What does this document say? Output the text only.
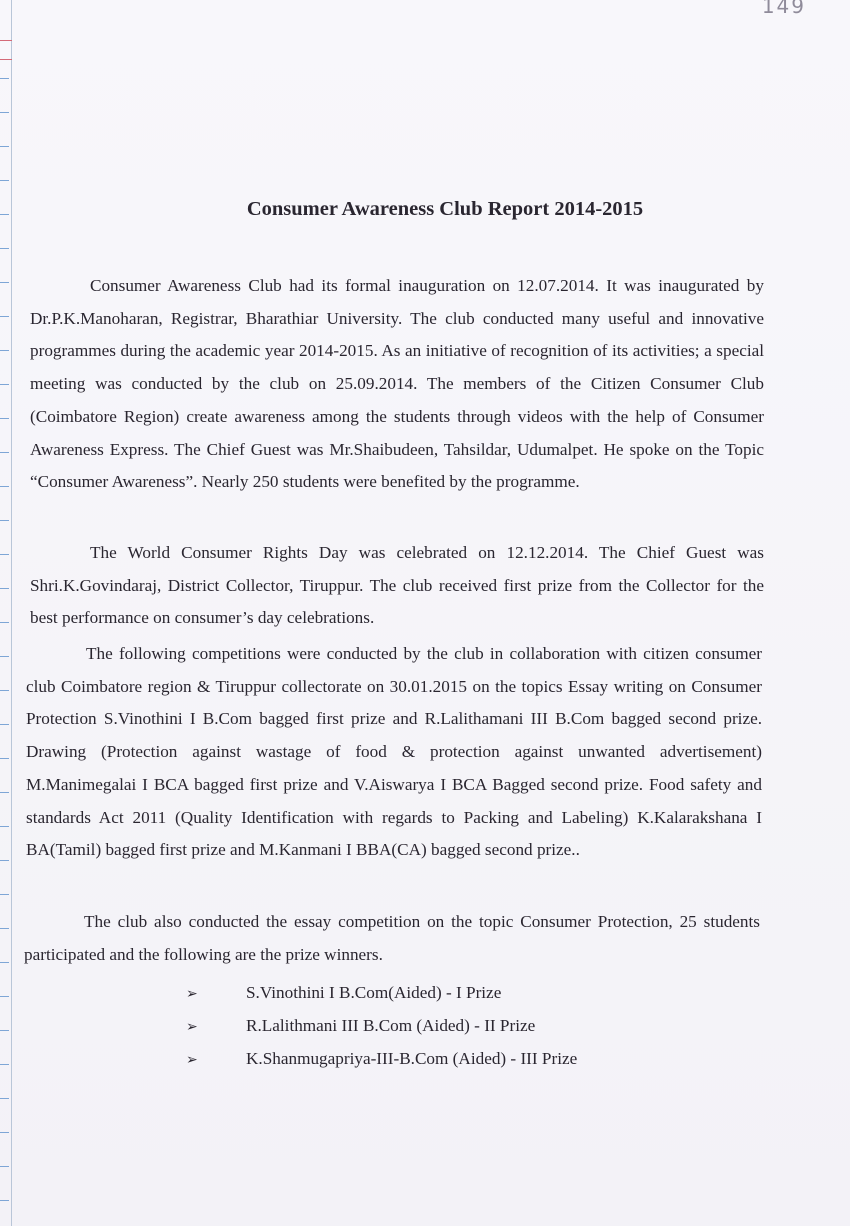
149
Consumer Awareness Club Report 2014-2015

Consumer Awareness Club had its formal inauguration on 12.07.2014. It was inaugurated by Dr.P.K.Manoharan, Registrar, Bharathiar University. The club conducted many useful and innovative programmes during the academic year 2014-2015. As an initiative of recognition of its activities; a special meeting was conducted by the club on 25.09.2014. The members of the Citizen Consumer Club (Coimbatore Region) create awareness among the students through videos with the help of Consumer Awareness Express. The Chief Guest was Mr.Shaibudeen, Tahsildar, Udumalpet. He spoke on the Topic “Consumer Awareness”. Nearly 250 students were benefited by the programme.

The World Consumer Rights Day was celebrated on 12.12.2014. The Chief Guest was Shri.K.Govindaraj, District Collector, Tiruppur. The club received first prize from the Collector for the best performance on consumer’s day celebrations.

The following competitions were conducted by the club in collaboration with citizen consumer club Coimbatore region & Tiruppur collectorate on 30.01.2015 on the topics Essay writing on Consumer Protection S.Vinothini I B.Com bagged first prize and R.Lalithamani III B.Com bagged second prize. Drawing (Protection against wastage of food & protection against unwanted advertisement) M.Manimegalai I BCA bagged first prize and V.Aiswarya I BCA Bagged second prize. Food safety and standards Act 2011 (Quality Identification with regards to Packing and Labeling) K.Kalarakshana I BA(Tamil) bagged first prize and M.Kanmani I BBA(CA) bagged second prize..

The club also conducted the essay competition on the topic Consumer Protection, 25 students participated and the following are the prize winners.

➢	S.Vinothini I B.Com(Aided) - I Prize
➢	R.Lalithmani III B.Com (Aided) - II Prize
➢	K.Shanmugapriya-III-B.Com (Aided) - III Prize
